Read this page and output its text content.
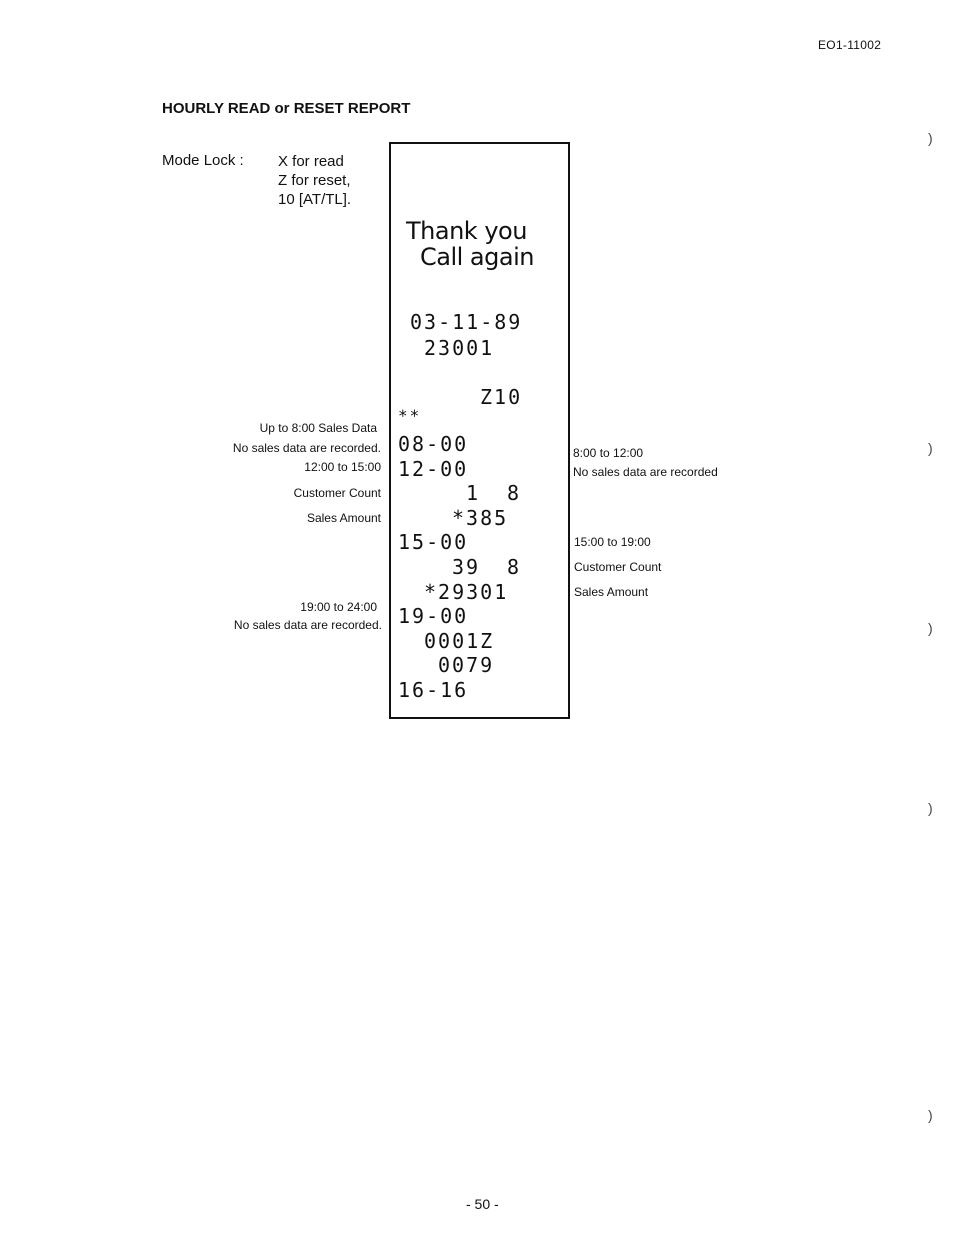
EO1-11002
HOURLY READ or RESET REPORT
Mode Lock : X for read
Z for reset,
10 [AT/TL].
Thank you
Call again
03-11-89
23001
Z10
**
08-00
12-00
1 8
*385
15-00
39 8
*29301
19-00
0001Z
0079
16-16
Up to 8:00 Sales Data
No sales data are recorded.
12:00 to 15:00
Customer Count
Sales Amount
19:00 to 24:00
No sales data are recorded.
8:00 to 12:00
No sales data are recorded
15:00 to 19:00
Customer Count
Sales Amount
)
)
)
)
)
- 50 -
